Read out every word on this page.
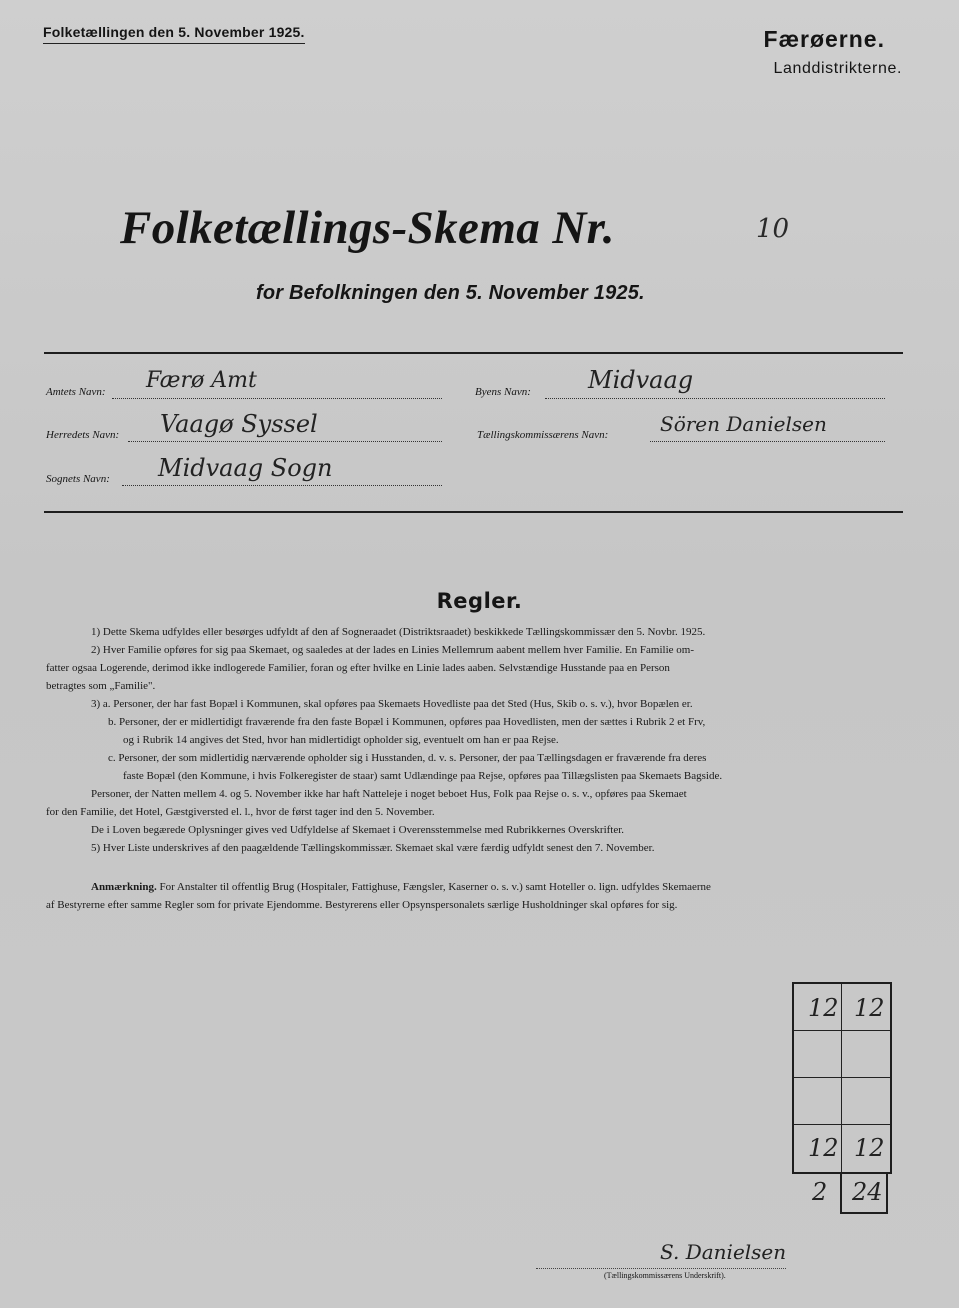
Folketællingen den 5. November 1925.	Færøerne.
Landdistrikterne.
Folketællings-Skema Nr.	10
for Befolkningen den 5. November 1925.
Amtets Navn: Færø Amt
Herredets Navn: Vaagø Syssel
Sognets Navn: Midvaag Sogn
Byens Navn: Midvaag
Tællingskommissærens Navn:	Sören Danielsen
Regler.
1) Dette Skema udfyldes eller besørges udfyldt af den af Sogneraadet (Distriktsraadet) beskikkede Tællingskommissær den 5. Novbr. 1925.
2) Hver Familie opføres for sig paa Skemaet, og saaledes at der lades en Linies Mellemrum aabent mellem hver Familie. En Familie om-
fatter ogsaa Logerende, derimod ikke indlogerede Familier, foran og efter hvilke en Linie lades aaben. Selvstændige Husstande paa en Person
betragtes som „Familie".
3) a. Personer, der har fast Bopæl i Kommunen, skal opføres paa Skemaets Hovedliste paa det Sted (Hus, Skib o. s. v.), hvor Bopælen er.
b. Personer, der er midlertidigt fraværende fra den faste Bopæl i Kommunen, opføres paa Hovedlisten, men der sættes i Rubrik 2 et Frv,
og i Rubrik 14 angives det Sted, hvor han midlertidigt opholder sig, eventuelt om han er paa Rejse.
c. Personer, der som midlertidig nærværende opholder sig i Husstanden, d. v. s. Personer, der paa Tællingsdagen er fraværende fra deres
faste Bopæl (den Kommune, i hvis Folkeregister de staar) samt Udlændinge paa Rejse, opføres paa Tillægslisten paa Skemaets Bagside.
Personer, der Natten mellem 4. og 5. November ikke har haft Natteleje i noget beboet Hus, Folk paa Rejse o. s. v., opføres paa Skemaet
for den Familie, det Hotel, Gæstgiversted el. l., hvor de først tager ind den 5. November.
De i Loven begærede Oplysninger gives ved Udfyldelse af Skemaet i Overensstemmelse med Rubrikkernes Overskrifter.
5) Hver Liste underskrives af den paagældende Tællingskommissær. Skemaet skal være færdig udfyldt senest den 7. November.
Anmærkning. For Anstalter til offentlig Brug (Hospitaler, Fattighuse, Fængsler, Kaserner o. s. v.) samt Hoteller o. lign. udfyldes Skemaerne
af Bestyrerne efter samme Regler som for private Ejendomme. Bestyrerens eller Opsynspersonalets særlige Husholdninger skal opføres for sig.
12 12
12 12
2 24
S. Danielsen
(Tællingskommissærens Underskrift).
